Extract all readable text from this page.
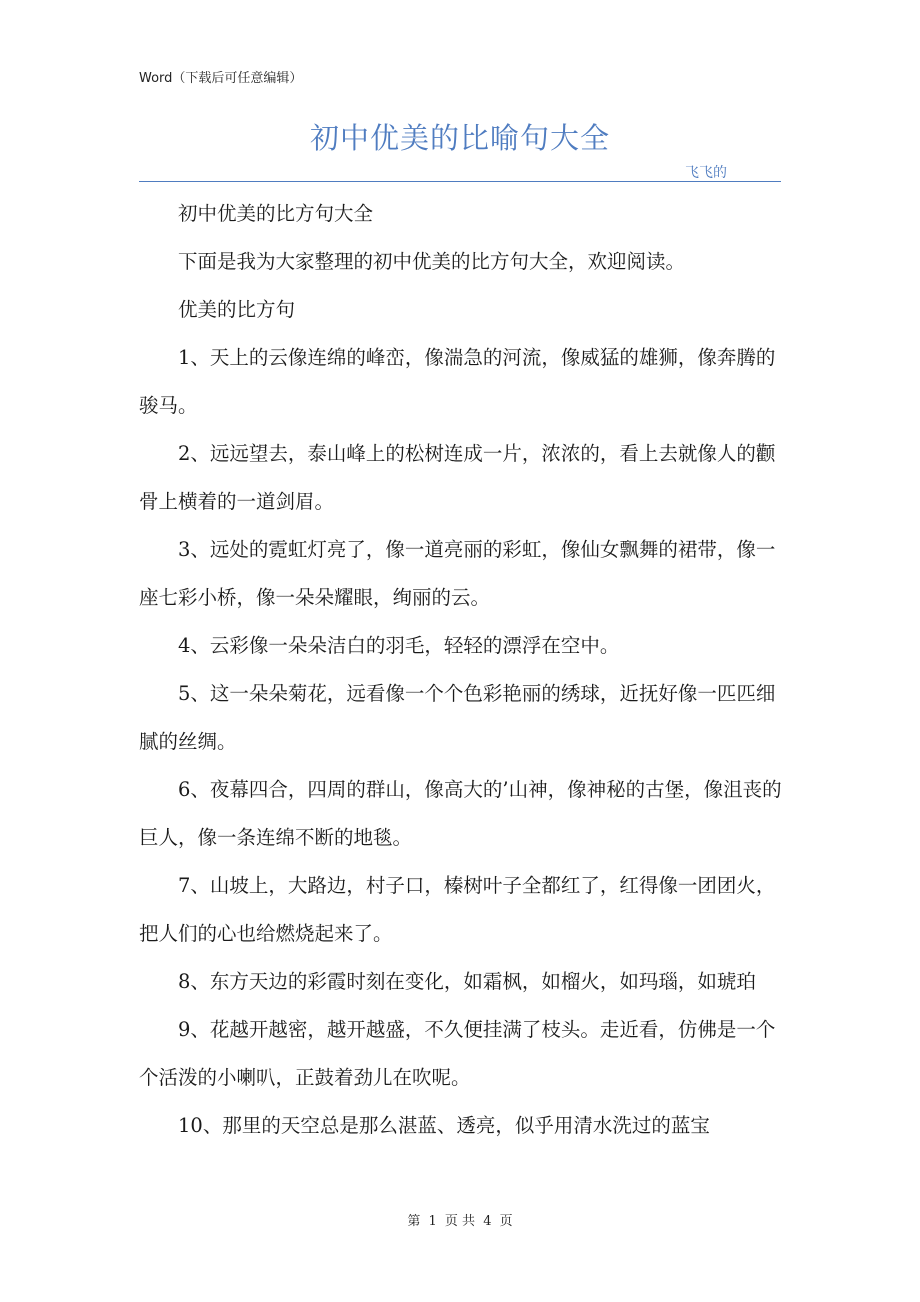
Word（下载后可任意编辑）
初中优美的比喻句大全
飞飞的

初中优美的比方句大全

下面是我为大家整理的初中优美的比方句大全，欢迎阅读。

优美的比方句

1、天上的云像连绵的峰峦，像湍急的河流，像威猛的雄狮，像奔腾的骏马。

2、远远望去，泰山峰上的松树连成一片，浓浓的，看上去就像人的颧骨上横着的一道剑眉。

3、远处的霓虹灯亮了，像一道亮丽的彩虹，像仙女飘舞的裙带，像一座七彩小桥，像一朵朵耀眼，绚丽的云。

4、云彩像一朵朵洁白的羽毛，轻轻的漂浮在空中。

5、这一朵朵菊花，远看像一个个色彩艳丽的绣球，近抚好像一匹匹细腻的丝绸。

6、夜幕四合，四周的群山，像高大的’山神，像神秘的古堡，像沮丧的巨人，像一条连绵不断的地毯。

7、山坡上，大路边，村子口，榛树叶子全都红了，红得像一团团火，把人们的心也给燃烧起来了。

8、东方天边的彩霞时刻在变化，如霜枫，如榴火，如玛瑙，如琥珀

9、花越开越密，越开越盛，不久便挂满了枝头。走近看，仿佛是一个个活泼的小喇叭，正鼓着劲儿在吹呢。

10、那里的天空总是那么湛蓝、透亮，似乎用清水洗过的蓝宝

第 1 页 共 4 页
